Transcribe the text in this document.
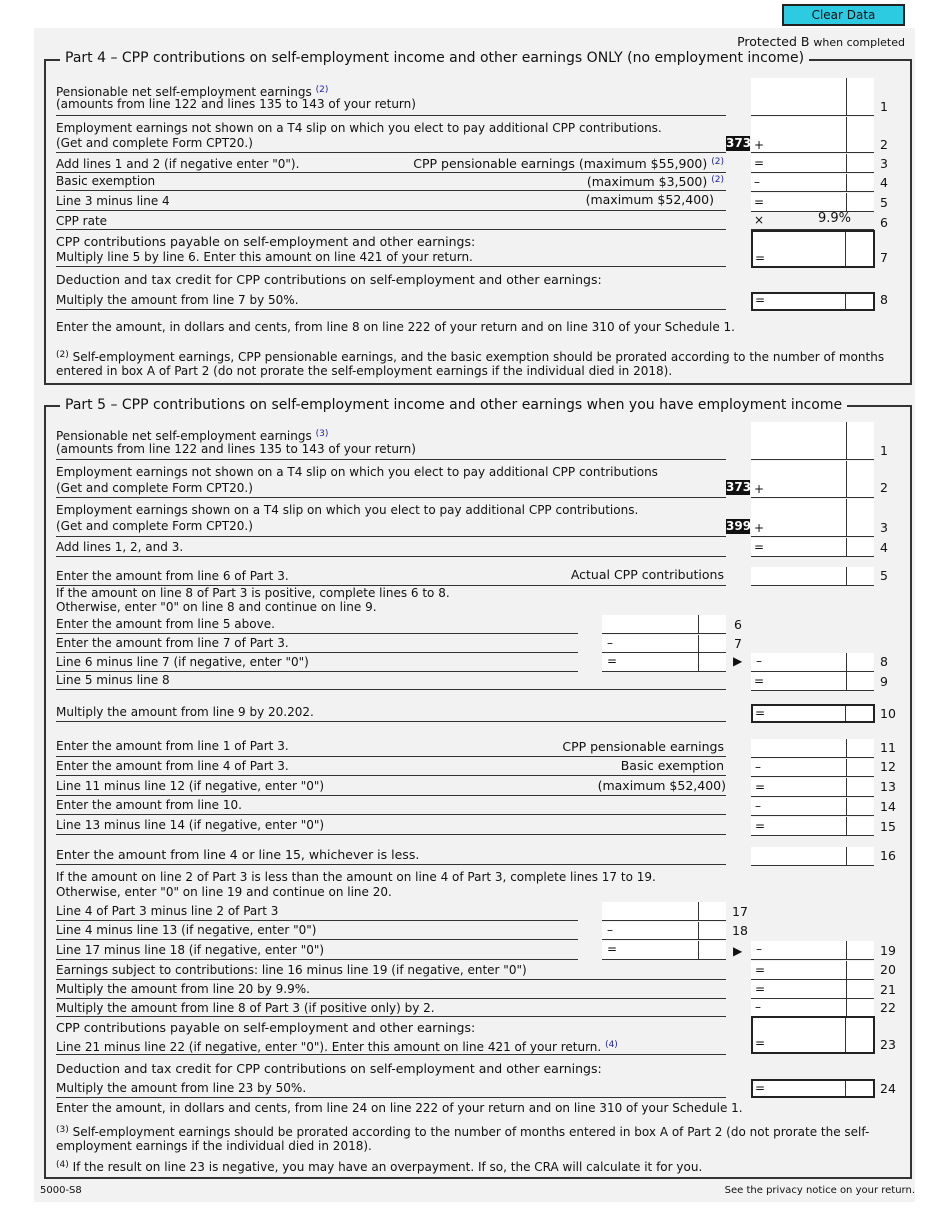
Clear Data
Protected B when completed
Part 4 – CPP contributions on self-employment income and other earnings ONLY (no employment income)
Pensionable net self-employment earnings $^{(2)}$
(amounts from line 122 and lines 135 to 143 of your return)	1
Employment earnings not shown on a T4 slip on which you elect to pay additional CPP contributions.
(Get and complete Form CPT20.)	373 +	2
Add lines 1 and 2 (if negative enter "0").	CPP pensionable earnings (maximum $55,900) $^{(2)}$	=	3
Basic exemption	(maximum $3,500) $^{(2)}$	–	4
Line 3 minus line 4	(maximum $52,400)	=	5
CPP rate	×	9.9% 6
CPP contributions payable on self-employment and other earnings:
Multiply line 5 by line 6. Enter this amount on line 421 of your return.	=	7
Deduction and tax credit for CPP contributions on self-employment and other earnings:
Multiply the amount from line 7 by 50%.	=	8
Enter the amount, in dollars and cents, from line 8 on line 222 of your return and on line 310 of your Schedule 1.
$^{(2)}$ Self-employment earnings, CPP pensionable earnings, and the basic exemption should be prorated according to the number of months entered in box A of Part 2 (do not prorate the self-employment earnings if the individual died in 2018).
Part 5 – CPP contributions on self-employment income and other earnings when you have employment income
Pensionable net self-employment earnings $^{(3)}$
(amounts from line 122 and lines 135 to 143 of your return)	1
Employment earnings not shown on a T4 slip on which you elect to pay additional CPP contributions
(Get and complete Form CPT20.)	373 +	2
Employment earnings shown on a T4 slip on which you elect to pay additional CPP contributions.
(Get and complete Form CPT20.)	399 +	3
Add lines 1, 2, and 3.	=	4
Enter the amount from line 6 of Part 3.	Actual CPP contributions	5
If the amount on line 8 of Part 3 is positive, complete lines 6 to 8.
Otherwise, enter "0" on line 8 and continue on line 9.
Enter the amount from line 5 above.	6
Enter the amount from line 7 of Part 3.	–	7
Line 6 minus line 7 (if negative, enter "0")	=	▶ –	8
Line 5 minus line 8	=	9
Multiply the amount from line 9 by 20.202.	=	10
Enter the amount from line 1 of Part 3.	CPP pensionable earnings	11
Enter the amount from line 4 of Part 3.	Basic exemption	–	12
Line 11 minus line 12 (if negative, enter "0")	(maximum $52,400) =	13
Enter the amount from line 10.	–	14
Line 13 minus line 14 (if negative, enter "0")	=	15
Enter the amount from line 4 or line 15, whichever is less.	16
If the amount on line 2 of Part 3 is less than the amount on line 4 of Part 3, complete lines 17 to 19.
Otherwise, enter "0" on line 19 and continue on line 20.
Line 4 of Part 3 minus line 2 of Part 3	17
Line 4 minus line 13 (if negative, enter "0")	–	18
Line 17 minus line 18 (if negative, enter "0")	=	▶ –	19
Earnings subject to contributions: line 16 minus line 19 (if negative, enter "0")	=	20
Multiply the amount from line 20 by 9.9%.	=	21
Multiply the amount from line 8 of Part 3 (if positive only) by 2.	–	22
CPP contributions payable on self-employment and other earnings:
Line 21 minus line 22 (if negative, enter "0"). Enter this amount on line 421 of your return. $^{(4)}$	=	23
Deduction and tax credit for CPP contributions on self-employment and other earnings:
Multiply the amount from line 23 by 50%.	=	24
Enter the amount, in dollars and cents, from line 24 on line 222 of your return and on line 310 of your Schedule 1.
$^{(3)}$ Self-employment earnings should be prorated according to the number of months entered in box A of Part 2 (do not prorate the self-employment earnings if the individual died in 2018).
$^{(4)}$ If the result on line 23 is negative, you may have an overpayment. If so, the CRA will calculate it for you.
5000-S8	See the privacy notice on your return.
